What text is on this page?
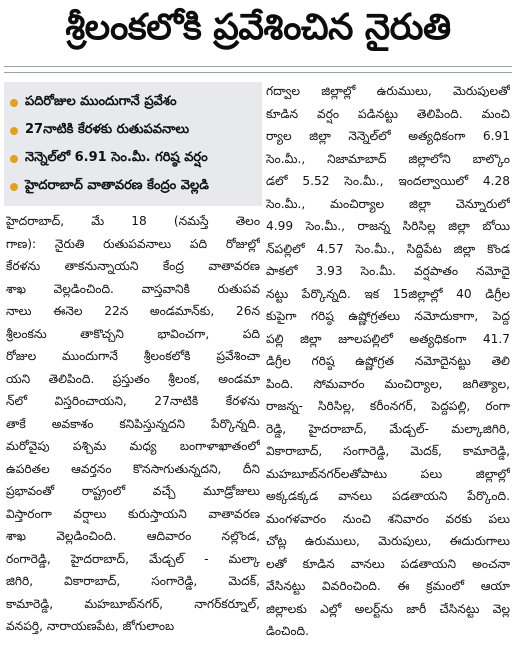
శ్రీలంకలోకి ప్రవేశించిన నైరుతి
పదిరోజుల ముందుగానే ప్రవేశం
27నాటికి కేరళకు రుతుపవనాలు
నెన్నెల్‌లో 6.91 సెం.మీ. గరిష్ఠ వర్షం
హైదరాబాద్ వాతావరణ కేంద్రం వెల్లడి
హైదరాబాద్, మే 18 (నమస్తే తెలం
గాణ): నైరుతి రుతుపవనాలు పది రోజుల్లో
కేరళను తాకనున్నాయని కేంద్ర వాతావరణ
శాఖ వెల్లడించింది. వాస్తవానికి రుతుపవ
నాలు ఈనెల 22న అండమాన్‌కు, 26న
శ్రీలంకను తాకొచ్చని భావించగా, పది
రోజుల ముందుగానే శ్రీలంకలోకి ప్రవేశించా
యని తెలిపింది. ప్రస్తుతం శ్రీలంక, అండమా
న్‌లో విస్తరించాయని, 27నాటికి కేరళను
తాకే అవకాశం కనిపిస్తున్నదని పేర్కొన్నది.
మరోవైపు పశ్చిమ మధ్య బంగాళాఖాతంలో
ఉపరితల ఆవర్తనం కొనసాగుతున్నదని, దీని
ప్రభావంతో రాష్ట్రంలో వచ్చే మూడ్రోజులు
విస్తారంగా వర్షాలు కురుస్తాయని వాతావరణ
శాఖ వెల్లడించింది. ఆదివారం నల్లొండ,
రంగారెడ్డి, హైదరాబాద్, మేడ్చల్ - మల్కా
జిగిరి, వికారాబాద్, సంగారెడ్డి, మెదక్,
కామారెడ్డి, మహబూబ్‌నగర్, నాగర్‌కర్నూల్,
వనపర్తి, నారాయణపేట, జోగులాంబ
గద్వాల జిల్లాల్లో ఉరుములు, మెరుపులతో
కూడిన వర్షం పడినట్టు తెలిపింది. మంచి
ర్యాల జిల్లా నెన్నెల్‌లో అత్యధికంగా 6.91
సెం.మీ., నిజామాబాద్ జిల్లాలోని బాల్కొం
డలో 5.52 సెం.మీ., ఇందల్వాయిలో 4.28
సెం.మీ., మంచిర్యాల జిల్లా చెన్నూరులో
4.99 సెం.మీ., రాజన్న సిరిసిల్ల జిల్లా బోయి
న్‌పల్లిలో 4.57 సెం.మీ., సిద్దిపేట జిల్లా కొండ
పాకలో 3.93 సెం.మీ. వర్షపాతం నమోదై
నట్టు పేర్కొన్నది. ఇక 15జిల్లాల్లో 40 డిగ్రీల
కుపైగా గరిష్ఠ ఉష్ణోగ్రతలు నమోదుకాగా, పెద్ద
పల్లి జిల్లా జూలపల్లిలో అత్యధికంగా 41.7
డిగ్రీల గరిష్ఠ ఉష్ణోగ్రత నమోదైనట్టు తెలి
పింది. సోమవారం మంచిర్యాల, జగిత్యాల,
రాజన్న- సిరిసిల్ల, కరీంనగర్, పెద్దపల్లి, రంగా
రెడ్డి, హైదరాబాద్, మేడ్చల్- మల్కాజిగిరి,
వికారాబాద్, సంగారెడ్డి, మెదక్, కామారెడ్డి,
మహబూబ్‌నగర్‌లతోపాటు పలు జిల్లాల్లో
అక్కడక్కడ వానలు పడతాయని పేర్కొంది.
మంగళవారం నుంచి శనివారం వరకు పలు
చోట్ల ఉరుములు, మెరుపులు, ఈదురుగాలు
లతో కూడిన వానలు పడతాయని అంచనా
వేసినట్టు వివరించింది. ఈ క్రమంలో ఆయా
జిల్లాలకు ఎల్లో అలర్ట్‌ను జారీ చేసినట్టు వెల్ల
డించింది.
